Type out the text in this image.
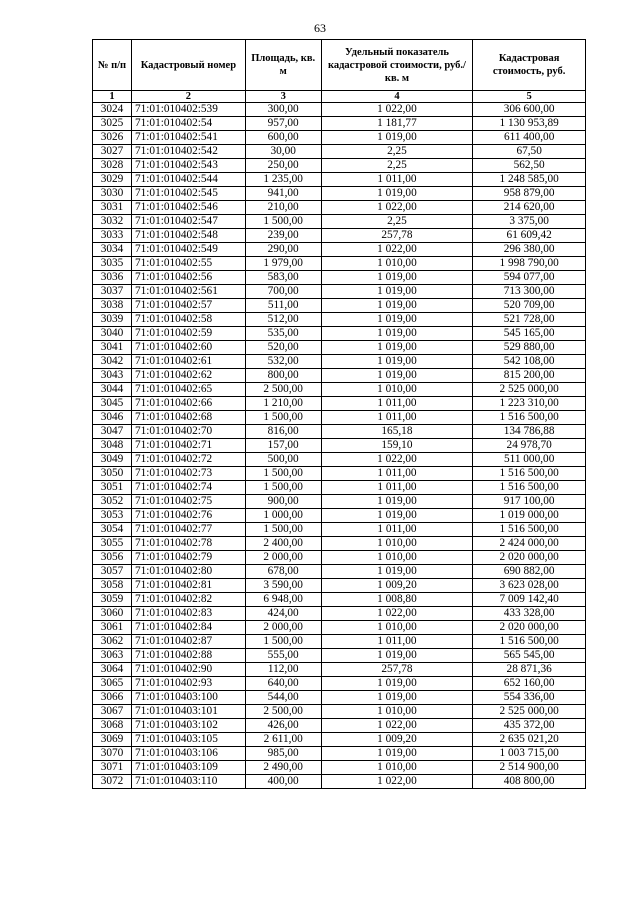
63
№ п/п	Кадастровый номер	Площадь, кв. м	Удельный показатель кадастровой стоимости, руб./кв. м	Кадастровая стоимость, руб.
1	2	3	4	5
3024	71:01:010402:539	300,00	1 022,00	306 600,00
3025	71:01:010402:54	957,00	1 181,77	1 130 953,89
3026	71:01:010402:541	600,00	1 019,00	611 400,00
3027	71:01:010402:542	30,00	2,25	67,50
3028	71:01:010402:543	250,00	2,25	562,50
3029	71:01:010402:544	1 235,00	1 011,00	1 248 585,00
3030	71:01:010402:545	941,00	1 019,00	958 879,00
3031	71:01:010402:546	210,00	1 022,00	214 620,00
3032	71:01:010402:547	1 500,00	2,25	3 375,00
3033	71:01:010402:548	239,00	257,78	61 609,42
3034	71:01:010402:549	290,00	1 022,00	296 380,00
3035	71:01:010402:55	1 979,00	1 010,00	1 998 790,00
3036	71:01:010402:56	583,00	1 019,00	594 077,00
3037	71:01:010402:561	700,00	1 019,00	713 300,00
3038	71:01:010402:57	511,00	1 019,00	520 709,00
3039	71:01:010402:58	512,00	1 019,00	521 728,00
3040	71:01:010402:59	535,00	1 019,00	545 165,00
3041	71:01:010402:60	520,00	1 019,00	529 880,00
3042	71:01:010402:61	532,00	1 019,00	542 108,00
3043	71:01:010402:62	800,00	1 019,00	815 200,00
3044	71:01:010402:65	2 500,00	1 010,00	2 525 000,00
3045	71:01:010402:66	1 210,00	1 011,00	1 223 310,00
3046	71:01:010402:68	1 500,00	1 011,00	1 516 500,00
3047	71:01:010402:70	816,00	165,18	134 786,88
3048	71:01:010402:71	157,00	159,10	24 978,70
3049	71:01:010402:72	500,00	1 022,00	511 000,00
3050	71:01:010402:73	1 500,00	1 011,00	1 516 500,00
3051	71:01:010402:74	1 500,00	1 011,00	1 516 500,00
3052	71:01:010402:75	900,00	1 019,00	917 100,00
3053	71:01:010402:76	1 000,00	1 019,00	1 019 000,00
3054	71:01:010402:77	1 500,00	1 011,00	1 516 500,00
3055	71:01:010402:78	2 400,00	1 010,00	2 424 000,00
3056	71:01:010402:79	2 000,00	1 010,00	2 020 000,00
3057	71:01:010402:80	678,00	1 019,00	690 882,00
3058	71:01:010402:81	3 590,00	1 009,20	3 623 028,00
3059	71:01:010402:82	6 948,00	1 008,80	7 009 142,40
3060	71:01:010402:83	424,00	1 022,00	433 328,00
3061	71:01:010402:84	2 000,00	1 010,00	2 020 000,00
3062	71:01:010402:87	1 500,00	1 011,00	1 516 500,00
3063	71:01:010402:88	555,00	1 019,00	565 545,00
3064	71:01:010402:90	112,00	257,78	28 871,36
3065	71:01:010402:93	640,00	1 019,00	652 160,00
3066	71:01:010403:100	544,00	1 019,00	554 336,00
3067	71:01:010403:101	2 500,00	1 010,00	2 525 000,00
3068	71:01:010403:102	426,00	1 022,00	435 372,00
3069	71:01:010403:105	2 611,00	1 009,20	2 635 021,20
3070	71:01:010403:106	985,00	1 019,00	1 003 715,00
3071	71:01:010403:109	2 490,00	1 010,00	2 514 900,00
3072	71:01:010403:110	400,00	1 022,00	408 800,00
